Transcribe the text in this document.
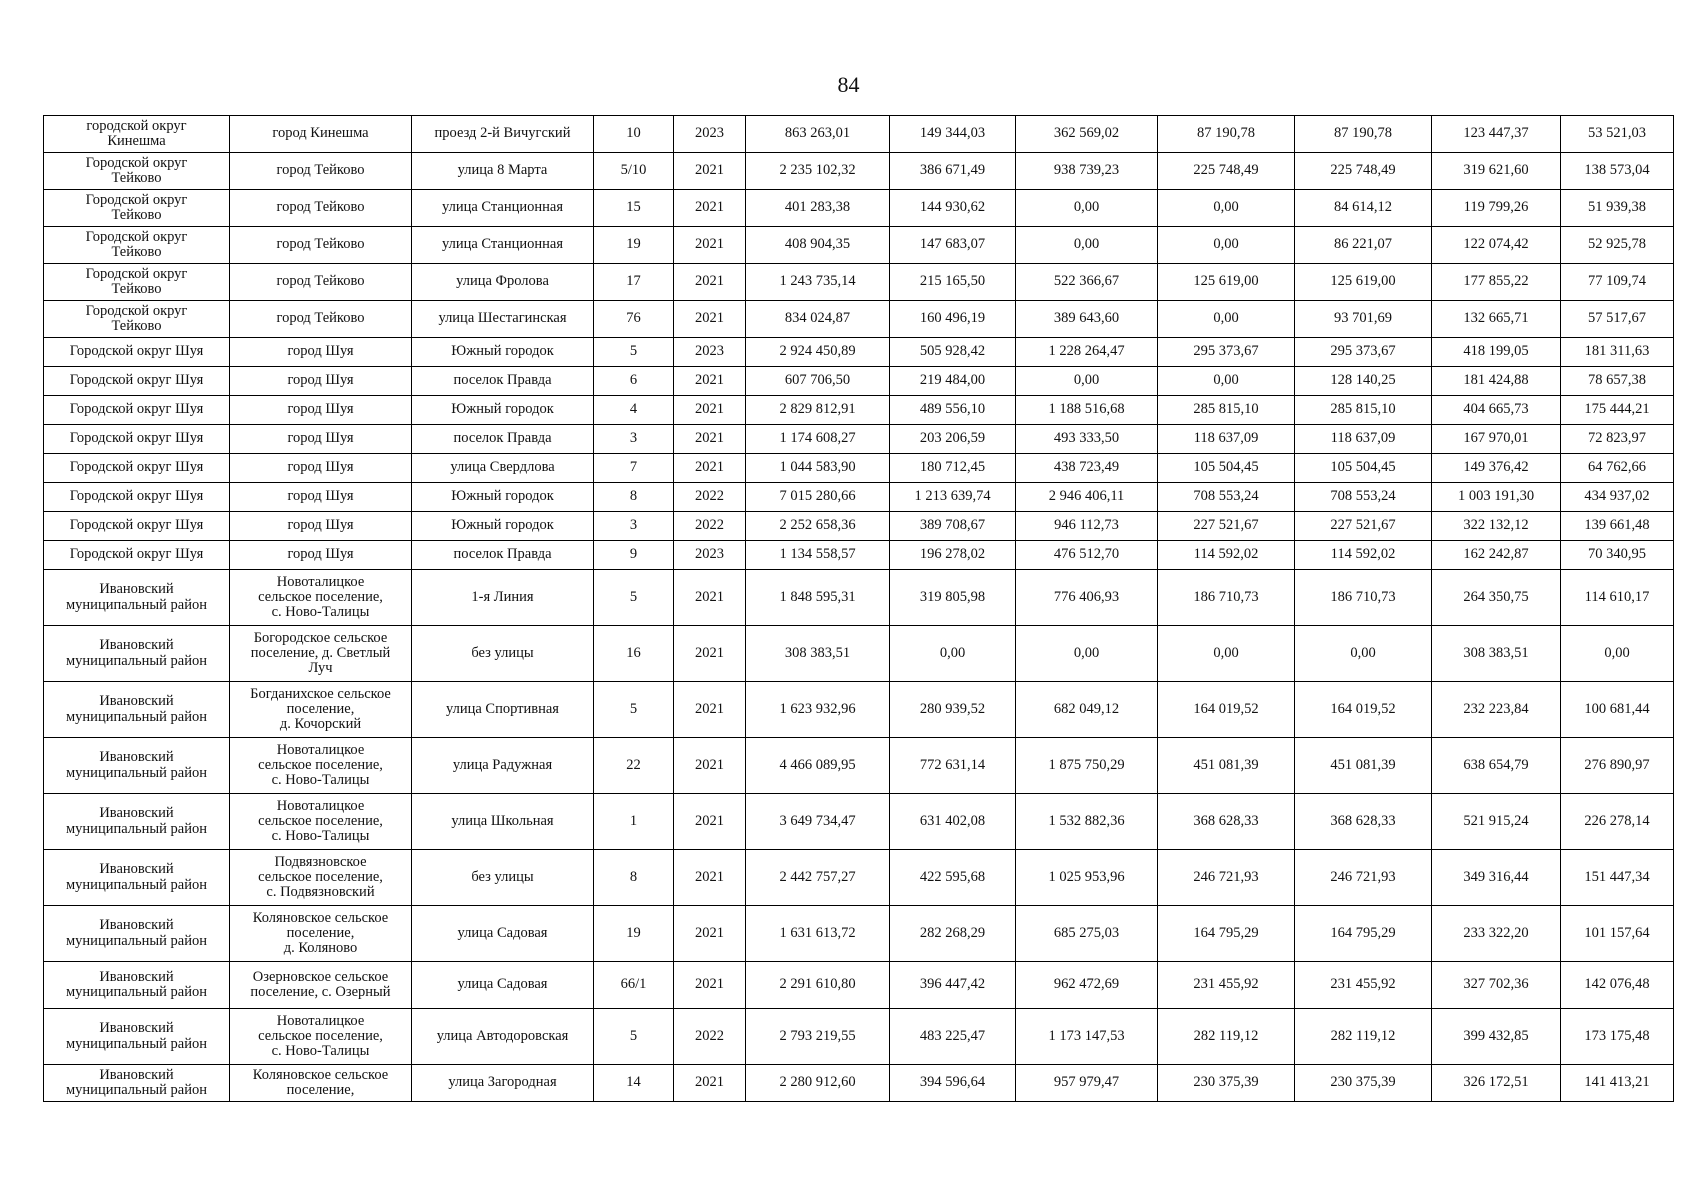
84
городской округ
Кинешма	город Кинешма	проезд 2-й Вичугский	10	2023	863 263,01	149 344,03	362 569,02	87 190,78	87 190,78	123 447,37	53 521,03
Городской округ
Тейково	город Тейково	улица 8 Марта	5/10	2021	2 235 102,32	386 671,49	938 739,23	225 748,49	225 748,49	319 621,60	138 573,04
Городской округ
Тейково	город Тейково	улица Станционная	15	2021	401 283,38	144 930,62	0,00	0,00	84 614,12	119 799,26	51 939,38
Городской округ
Тейково	город Тейково	улица Станционная	19	2021	408 904,35	147 683,07	0,00	0,00	86 221,07	122 074,42	52 925,78
Городской округ
Тейково	город Тейково	улица Фролова	17	2021	1 243 735,14	215 165,50	522 366,67	125 619,00	125 619,00	177 855,22	77 109,74
Городской округ
Тейково	город Тейково	улица Шестагинская	76	2021	834 024,87	160 496,19	389 643,60	0,00	93 701,69	132 665,71	57 517,67
Городской округ Шуя	город Шуя	Южный городок	5	2023	2 924 450,89	505 928,42	1 228 264,47	295 373,67	295 373,67	418 199,05	181 311,63
Городской округ Шуя	город Шуя	поселок Правда	6	2021	607 706,50	219 484,00	0,00	0,00	128 140,25	181 424,88	78 657,38
Городской округ Шуя	город Шуя	Южный городок	4	2021	2 829 812,91	489 556,10	1 188 516,68	285 815,10	285 815,10	404 665,73	175 444,21
Городской округ Шуя	город Шуя	поселок Правда	3	2021	1 174 608,27	203 206,59	493 333,50	118 637,09	118 637,09	167 970,01	72 823,97
Городской округ Шуя	город Шуя	улица Свердлова	7	2021	1 044 583,90	180 712,45	438 723,49	105 504,45	105 504,45	149 376,42	64 762,66
Городской округ Шуя	город Шуя	Южный городок	8	2022	7 015 280,66	1 213 639,74	2 946 406,11	708 553,24	708 553,24	1 003 191,30	434 937,02
Городской округ Шуя	город Шуя	Южный городок	3	2022	2 252 658,36	389 708,67	946 112,73	227 521,67	227 521,67	322 132,12	139 661,48
Городской округ Шуя	город Шуя	поселок Правда	9	2023	1 134 558,57	196 278,02	476 512,70	114 592,02	114 592,02	162 242,87	70 340,95
Ивановский
муниципальный район	Новоталицкое
сельское поселение,
с. Ново-Талицы	1-я Линия	5	2021	1 848 595,31	319 805,98	776 406,93	186 710,73	186 710,73	264 350,75	114 610,17
Ивановский
муниципальный район	Богородское сельское
поселение, д. Светлый
Луч	без улицы	16	2021	308 383,51	0,00	0,00	0,00	0,00	308 383,51	0,00
Ивановский
муниципальный район	Богданихское сельское
поселение,
д. Кочорский	улица Спортивная	5	2021	1 623 932,96	280 939,52	682 049,12	164 019,52	164 019,52	232 223,84	100 681,44
Ивановский
муниципальный район	Новоталицкое
сельское поселение,
с. Ново-Талицы	улица Радужная	22	2021	4 466 089,95	772 631,14	1 875 750,29	451 081,39	451 081,39	638 654,79	276 890,97
Ивановский
муниципальный район	Новоталицкое
сельское поселение,
с. Ново-Талицы	улица Школьная	1	2021	3 649 734,47	631 402,08	1 532 882,36	368 628,33	368 628,33	521 915,24	226 278,14
Ивановский
муниципальный район	Подвязновское
сельское поселение,
с. Подвязновский	без улицы	8	2021	2 442 757,27	422 595,68	1 025 953,96	246 721,93	246 721,93	349 316,44	151 447,34
Ивановский
муниципальный район	Коляновское сельское
поселение,
д. Коляново	улица Садовая	19	2021	1 631 613,72	282 268,29	685 275,03	164 795,29	164 795,29	233 322,20	101 157,64
Ивановский
муниципальный район	Озерновское сельское
поселение, с. Озерный	улица Садовая	66/1	2021	2 291 610,80	396 447,42	962 472,69	231 455,92	231 455,92	327 702,36	142 076,48
Ивановский
муниципальный район	Новоталицкое
сельское поселение,
с. Ново-Талицы	улица Автодоровская	5	2022	2 793 219,55	483 225,47	1 173 147,53	282 119,12	282 119,12	399 432,85	173 175,48
Ивановский
муниципальный район	Коляновское сельское
поселение,	улица Загородная	14	2021	2 280 912,60	394 596,64	957 979,47	230 375,39	230 375,39	326 172,51	141 413,21
